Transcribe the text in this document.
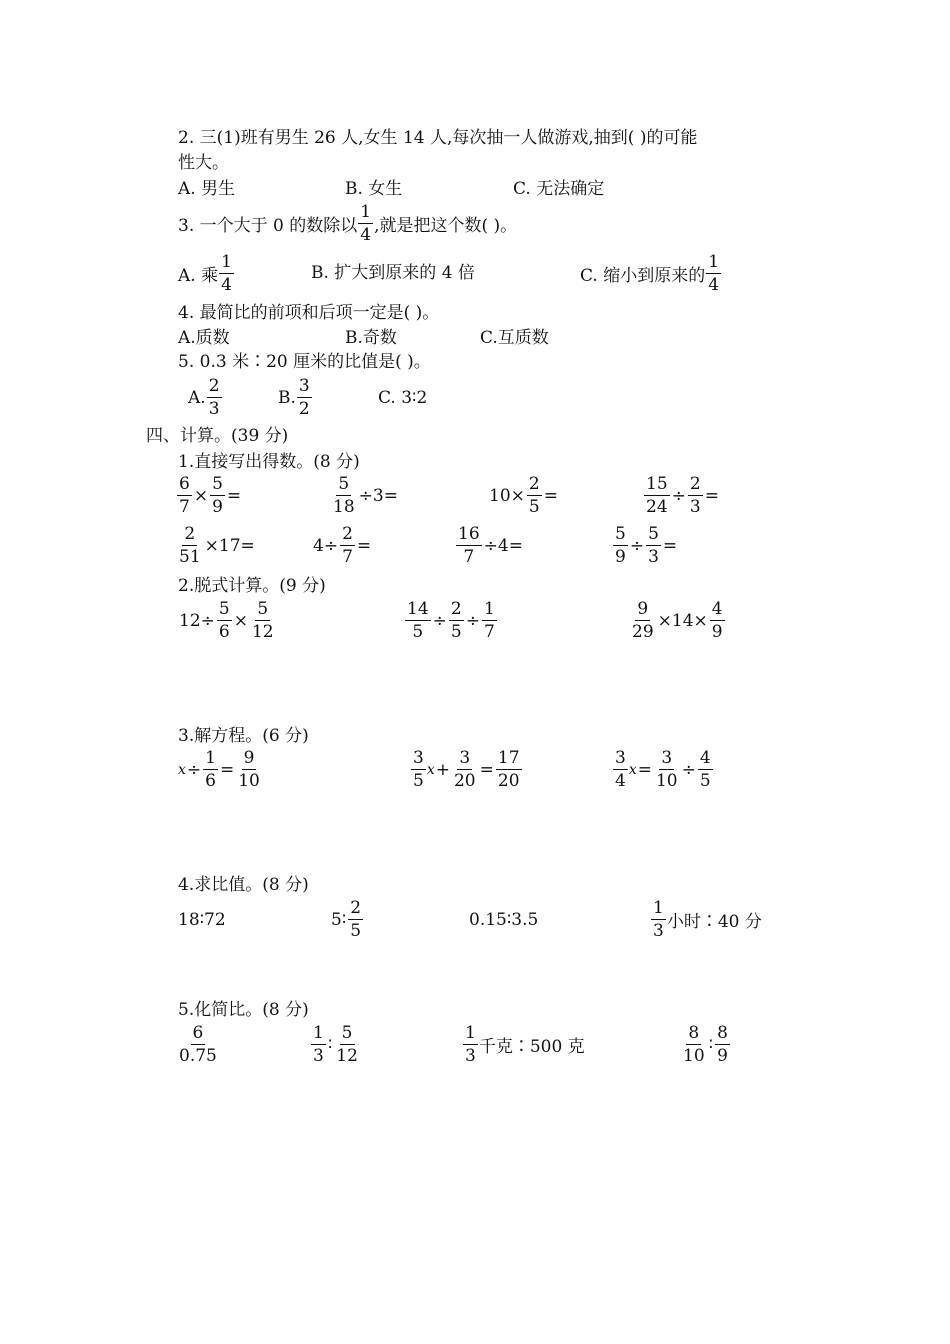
2. 三(1)班有男生 26 人,女生 14 人,每次抽一人做游戏,抽到( )的可能
性大。
A. 男生	B. 女生	C. 无法确定
3. 一个大于 0 的数除以 $\frac{1}{4}$ ,就是把这个数( )。
A. 乘 $\frac{1}{4}$	B. 扩大到原来的 4 倍	C. 缩小到原来的 $\frac{1}{4}$
4. 最简比的前项和后项一定是( )。
A.质数	B.奇数	C.互质数
5. 0.3 米∶20 厘米的比值是( )。
A. $\frac{2}{3}$	B. $\frac{3}{2}$	C. 3∶2
四、计算。(39 分)
1.直接写出得数。(8 分)
$\frac{6}{7} \times \frac{5}{9}$ =	$\frac{5}{18} \div 3=$	$10\times \frac{2}{5}$ =	$\frac{15}{24} \div \frac{2}{3}$ =
$\frac{2}{51} \times 17=$	$4\div \frac{2}{7}$ =	$\frac{16}{7} \div 4=$	$\frac{5}{9} \div \frac{5}{3}$ =
2.脱式计算。(9 分)
$12\div \frac{5}{6} \times \frac{5}{12}$	$\frac{14}{5} \div \frac{2}{5} \div \frac{1}{7}$	$\frac{9}{29} \times 14\times \frac{4}{9}$
3.解方程。(6 分)
$x \div \frac{1}{6} = \frac{9}{10}$	$\frac{3}{5}$ $x + \frac{3}{20} = \frac{17}{20}$	$\frac{3}{4}$ $x = \frac{3}{10} \div \frac{4}{5}$
4.求比值。(8 分)
18∶72	5∶ $\frac{2}{5}$	0.15∶3.5	$\frac{1}{3}$ 小时∶40 分
5.化简比。(8 分)
$\frac{6}{0.75}$	$\frac{1}{3}$ ∶ $\frac{5}{12}$	$\frac{1}{3}$ 千克∶500 克	$\frac{8}{10}$ ∶ $\frac{8}{9}$
